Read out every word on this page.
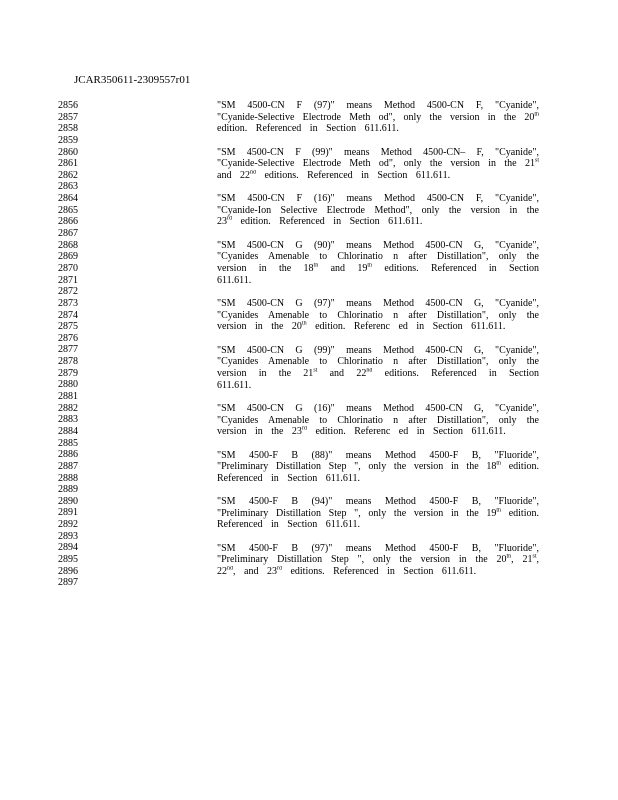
JCAR350611-2309557r01
2856
2857
2858
2859
2860
2861
2862
2863
2864
2865
2866
2867
2868
2869
2870
2871
2872
2873
2874
2875
2876
2877
2878
2879
2880
2881
2882
2883
2884
2885
2886
2887
2888
2889
2890
2891
2892
2893
2894
2895
2896
2897
"SM 4500-CN F (97)" means Method 4500-CN F, "Cyanide",
"Cyanide-Selective Electrode Meth od", only the version in the 20th
edition. Referenced in Section 611.611.
"SM 4500-CN F (99)" means Method 4500-CN– F, "Cyanide",
"Cyanide-Selective Electrode Meth od", only the version in the 21st
and 22nd editions. Referenced in Section 611.611.
"SM 4500-CN F (16)" means Method 4500-CN F, "Cyanide",
"Cyanide-Ion Selective Electrode Method", only the version in the
23rd edition. Referenced in Section 611.611.
"SM 4500-CN G (90)" means Method 4500-CN G, "Cyanide",
"Cyanides Amenable to Chlorinatio n after Distillation", only the
version in the 18th and 19th editions. Referenced in Section
611.611.
"SM 4500-CN G (97)" means Method 4500-CN G, "Cyanide",
"Cyanides Amenable to Chlorinatio n after Distillation", only the
version in the 20th edition. Referenc ed in Section 611.611.
"SM 4500-CN G (99)" means Method 4500-CN G, "Cyanide",
"Cyanides Amenable to Chlorinatio n after Distillation", only the
version in the 21st and 22nd editions. Referenced in Section
611.611.
"SM 4500-CN G (16)" means Method 4500-CN G, "Cyanide",
"Cyanides Amenable to Chlorinatio n after Distillation", only the
version in the 23rd edition. Referenc ed in Section 611.611.
"SM 4500-F B (88)" means Method 4500-F B, "Fluoride",
"Preliminary Distillation Step ", only the version in the 18th edition.
Referenced in Section 611.611.
"SM 4500-F B (94)" means Method 4500-F B, "Fluoride",
"Preliminary Distillation Step ", only the version in the 19th edition.
Referenced in Section 611.611.
"SM 4500-F B (97)" means Method 4500-F B, "Fluoride",
"Preliminary Distillation Step ", only the version in the 20th, 21st,
22nd, and 23rd editions. Referenced in Section 611.611.
